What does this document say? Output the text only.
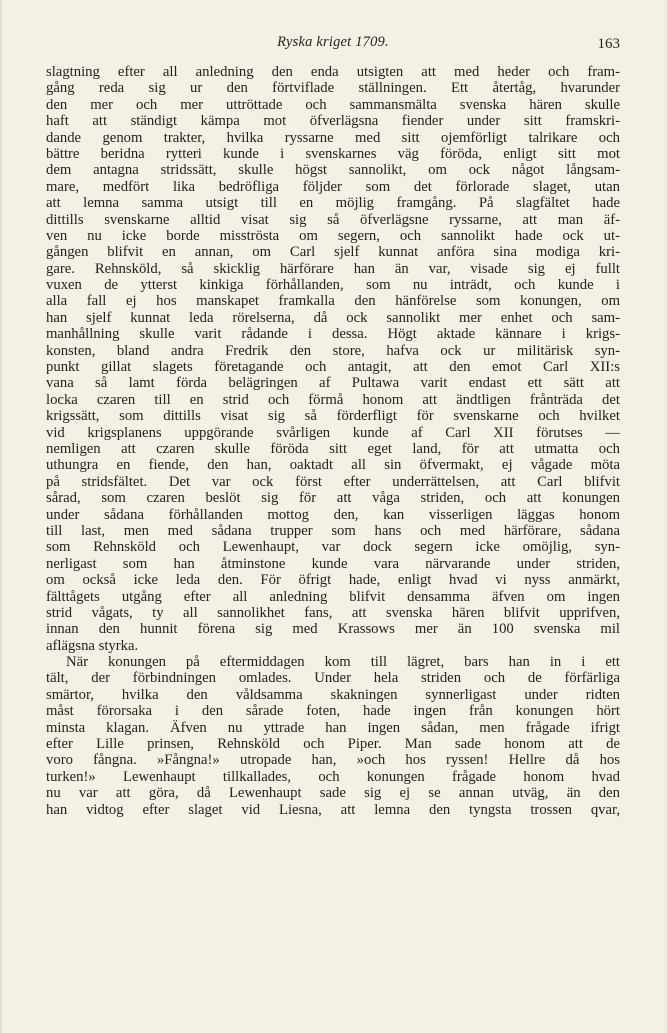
Ryska kriget 1709.	163
slagtning efter all anledning den enda utsigten att med heder och fram-
gång reda sig ur den förtviflade ställningen. Ett återtåg, hvarunder
den mer och mer uttröttade och sammansmälta svenska hären skulle
haft att ständigt kämpa mot öfverlägsna fiender under sitt framskri-
dande genom trakter, hvilka ryssarne med sitt ojemförligt talrikare och
bättre beridna rytteri kunde i svenskarnes väg föröda, enligt sitt mot
dem antagna stridssätt, skulle högst sannolikt, om ock något långsam-
mare, medfört lika bedröfliga följder som det förlorade slaget, utan
att lemna samma utsigt till en möjlig framgång. På slagfältet hade
dittills svenskarne alltid visat sig så öfverlägsne ryssarne, att man äf-
ven nu icke borde misströsta om segern, och sannolikt hade ock ut-
gången blifvit en annan, om Carl sjelf kunnat anföra sina modiga kri-
gare. Rehnsköld, så skicklig härförare han än var, visade sig ej fullt
vuxen de ytterst kinkiga förhållanden, som nu inträdt, och kunde i
alla fall ej hos manskapet framkalla den hänförelse som konungen, om
han sjelf kunnat leda rörelserna, då ock sannolikt mer enhet och sam-
manhållning skulle varit rådande i dessa. Högt aktade kännare i krigs-
konsten, bland andra Fredrik den store, hafva ock ur militärisk syn-
punkt gillat slagets företagande och antagit, att den emot Carl XII:s
vana så lamt förda belägringen af Pultawa varit endast ett sätt att
locka czaren till en strid och förmå honom att ändtligen frånträda det
krigssätt, som dittills visat sig så förderfligt för svenskarne och hvilket
vid krigsplanens uppgörande svårligen kunde af Carl XII förutses —
nemligen att czaren skulle föröda sitt eget land, för att utmatta och
uthungra en fiende, den han, oaktadt all sin öfvermakt, ej vågade möta
på stridsfältet. Det var ock först efter underrättelsen, att Carl blifvit
sårad, som czaren beslöt sig för att våga striden, och att konungen
under sådana förhållanden mottog den, kan visserligen läggas honom
till last, men med sådana trupper som hans och med härförare, sådana
som Rehnsköld och Lewenhaupt, var dock segern icke omöjlig, syn-
nerligast som han åtminstone kunde vara närvarande under striden,
om också icke leda den. För öfrigt hade, enligt hvad vi nyss anmärkt,
fälttågets utgång efter all anledning blifvit densamma äfven om ingen
strid vågats, ty all sannolikhet fans, att svenska hären blifvit upprifven,
innan den hunnit förena sig med Krassows mer än 100 svenska mil
aflägsna styrka.
När konungen på eftermiddagen kom till lägret, bars han in i ett
tält, der förbindningen omlades. Under hela striden och de förfärliga
smärtor, hvilka den våldsamma skakningen synnerligast under ridten
måst förorsaka i den sårade foten, hade ingen från konungen hört
minsta klagan. Äfven nu yttrade han ingen sådan, men frågade ifrigt
efter Lille prinsen, Rehnsköld och Piper. Man sade honom att de
voro fångna. »Fångna!» utropade han, »och hos ryssen! Hellre då hos
turken!» Lewenhaupt tillkallades, och konungen frågade honom hvad
nu var att göra, då Lewenhaupt sade sig ej se annan utväg, än den
han vidtog efter slaget vid Liesna, att lemna den tyngsta trossen qvar,
